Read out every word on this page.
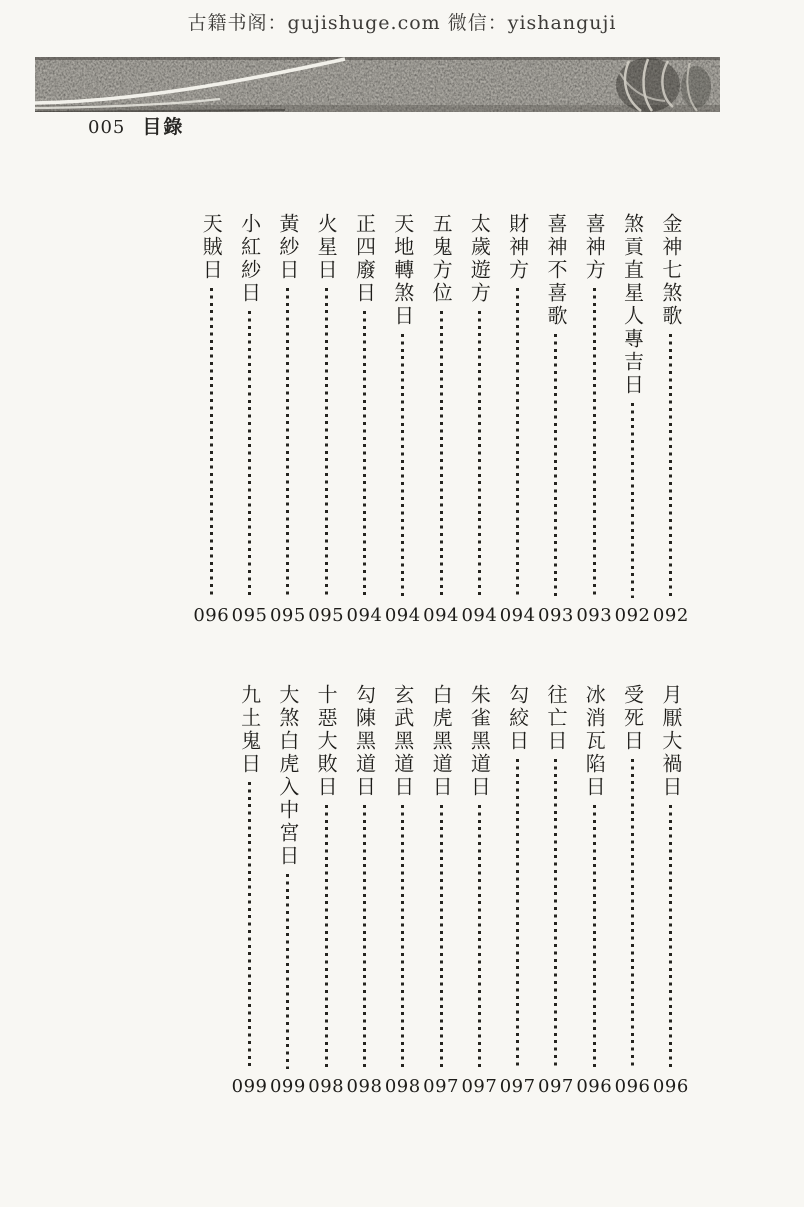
古籍书阁：gujishuge.com 微信：yishanguji
005 目錄
金神七煞歌
092
煞貢直星人專吉日
092
喜神方
093
喜神不喜歌
093
財神方
094
太歲遊方
094
五鬼方位
094
天地轉煞日
094
正四廢日
094
火星日
095
黃紗日
095
小紅紗日
095
天賊日
096
月厭大禍日
096
受死日
096
冰消瓦陷日
096
往亡日
097
勾絞日
097
朱雀黑道日
097
白虎黑道日
097
玄武黑道日
098
勾陳黑道日
098
十惡大敗日
098
大煞白虎入中宮日
099
九土鬼日
099
